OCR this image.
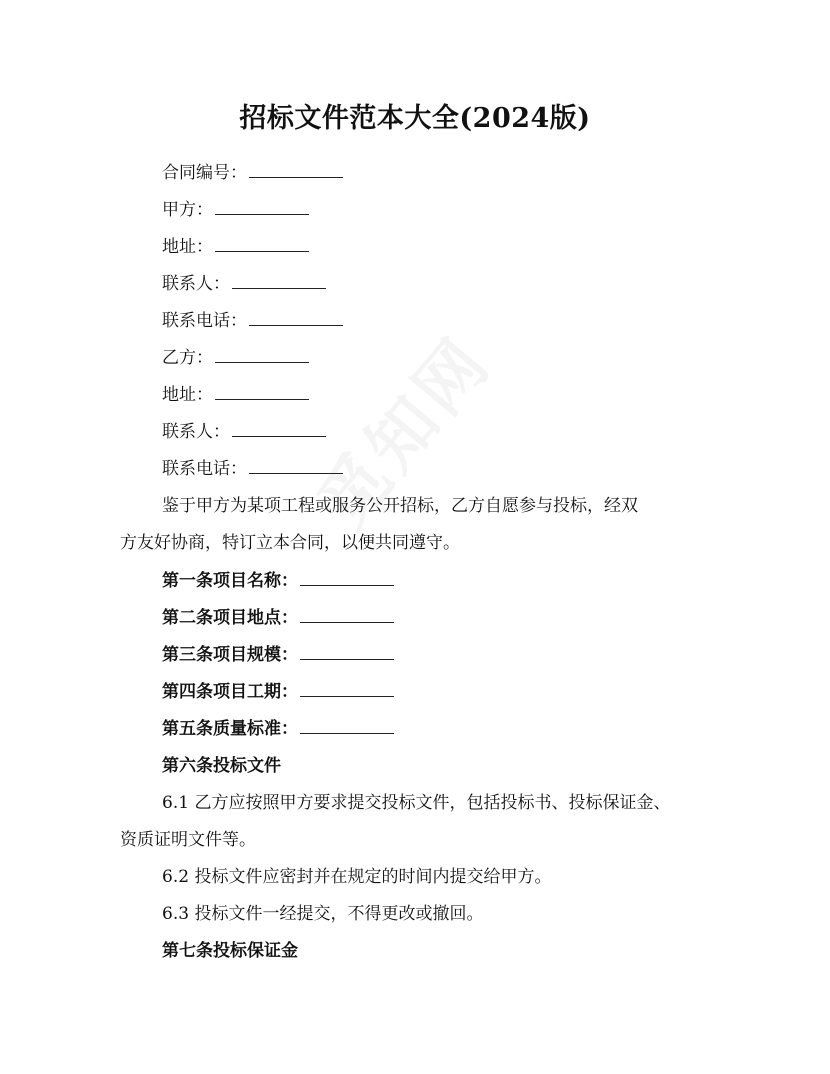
招标文件范本大全(2024版)
合同编号：
甲方：
地址：
联系人：
联系电话：
乙方：
地址：
联系人：
联系电话：
鉴于甲方为某项工程或服务公开招标，乙方自愿参与投标，经双
方友好协商，特订立本合同，以便共同遵守。
第一条项目名称：
第二条项目地点：
第三条项目规模：
第四条项目工期：
第五条质量标准：
第六条投标文件
6.1 乙方应按照甲方要求提交投标文件，包括投标书、投标保证金、
资质证明文件等。
6.2 投标文件应密封并在规定的时间内提交给甲方。
6.3 投标文件一经提交，不得更改或撤回。
第七条投标保证金
